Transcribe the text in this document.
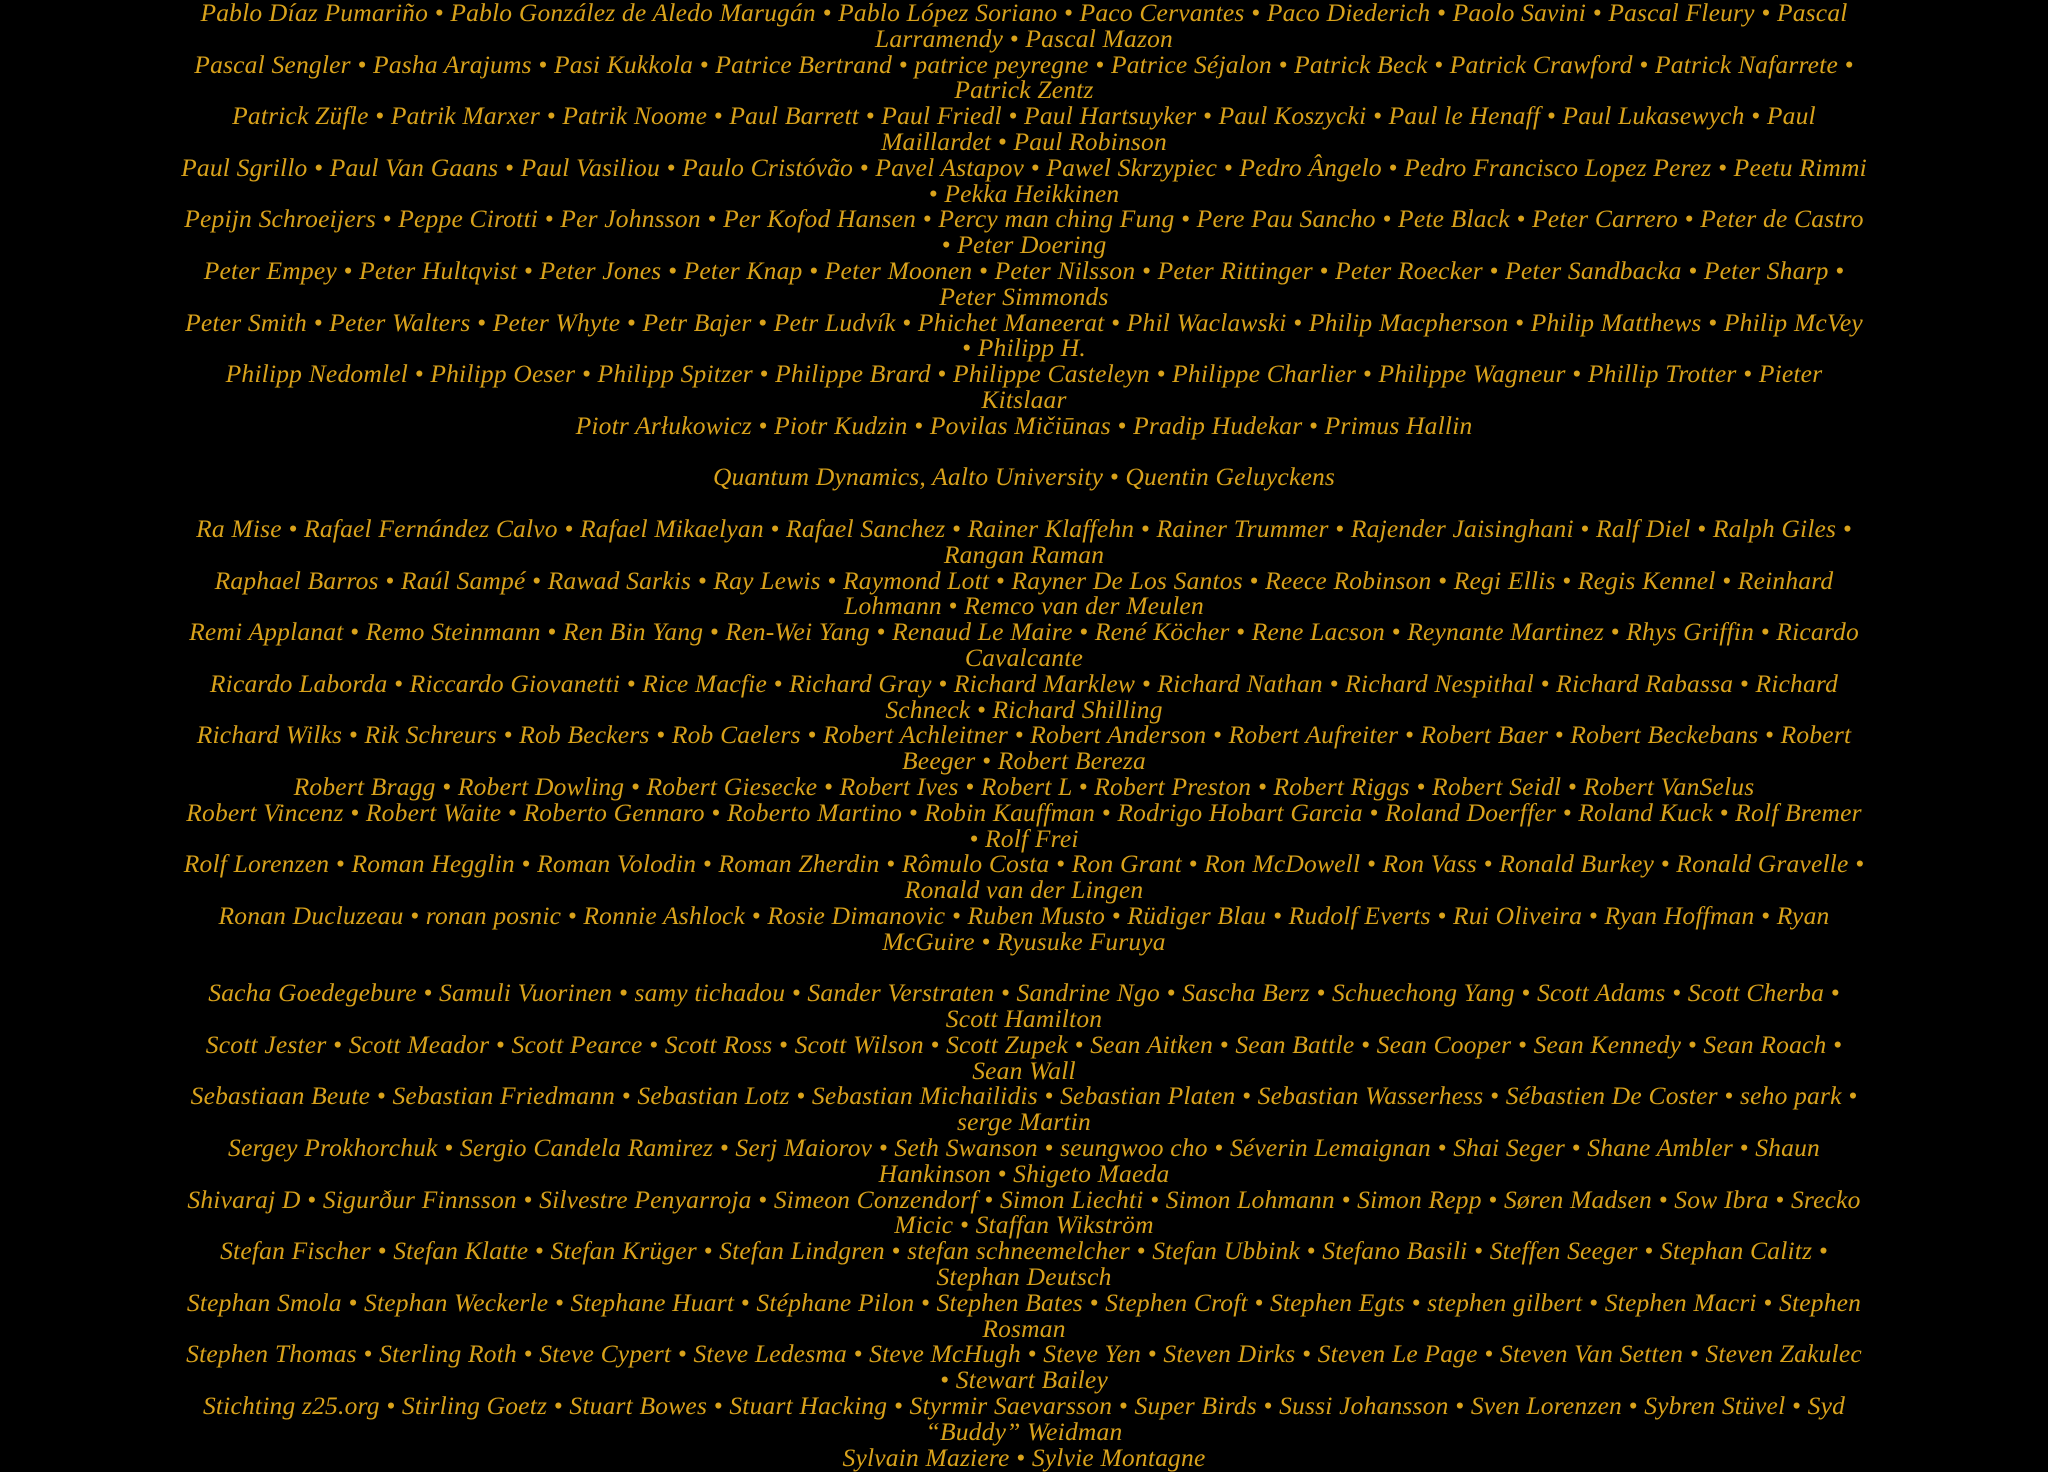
Pablo Díaz Pumariño • Pablo González de Aledo Marugán • Pablo López Soriano • Paco Cervantes • Paco Diederich • Paolo Savini • Pascal Fleury • Pascal Larramendy • Pascal Mazon

Pascal Sengler • Pasha Arajums • Pasi Kukkola • Patrice Bertrand • patrice peyregne • Patrice Séjalon • Patrick Beck • Patrick Crawford • Patrick Nafarrete • Patrick Zentz

Patrick Züfle • Patrik Marxer • Patrik Noome • Paul Barrett • Paul Friedl • Paul Hartsuyker • Paul Koszycki • Paul le Henaff • Paul Lukasewych • Paul Maillardet • Paul Robinson

Paul Sgrillo • Paul Van Gaans • Paul Vasiliou • Paulo Cristóvão • Pavel Astapov • Pawel Skrzypiec • Pedro Ângelo • Pedro Francisco Lopez Perez • Peetu Rimmi • Pekka Heikkinen

Pepijn Schroeijers • Peppe Cirotti • Per Johnsson • Per Kofod Hansen • Percy man ching Fung • Pere Pau Sancho • Pete Black • Peter Carrero • Peter de Castro • Peter Doering

Peter Empey • Peter Hultqvist • Peter Jones • Peter Knap • Peter Moonen • Peter Nilsson • Peter Rittinger • Peter Roecker • Peter Sandbacka • Peter Sharp • Peter Simmonds

Peter Smith • Peter Walters • Peter Whyte • Petr Bajer • Petr Ludvík • Phichet Maneerat • Phil Waclawski • Philip Macpherson • Philip Matthews • Philip McVey • Philipp H.

Philipp Nedomlel • Philipp Oeser • Philipp Spitzer • Philippe Brard • Philippe Casteleyn • Philippe Charlier • Philippe Wagneur • Phillip Trotter • Pieter Kitslaar

Piotr Arłukowicz • Piotr Kudzin • Povilas Mičiūnas • Pradip Hudekar • Primus Hallin

Quantum Dynamics, Aalto University • Quentin Geluyckens

Ra Mise • Rafael Fernández Calvo • Rafael Mikaelyan • Rafael Sanchez • Rainer Klaffehn • Rainer Trummer • Rajender Jaisinghani • Ralf Diel • Ralph Giles • Rangan Raman

Raphael Barros • Raúl Sampé • Rawad Sarkis • Ray Lewis • Raymond Lott • Rayner De Los Santos • Reece Robinson • Regi Ellis • Regis Kennel • Reinhard Lohmann • Remco van der Meulen

Remi Applanat • Remo Steinmann • Ren Bin Yang • Ren-Wei Yang • Renaud Le Maire • René Köcher • Rene Lacson • Reynante Martinez • Rhys Griffin • Ricardo Cavalcante

Ricardo Laborda • Riccardo Giovanetti • Rice Macfie • Richard Gray • Richard Marklew • Richard Nathan • Richard Nespithal • Richard Rabassa • Richard Schneck • Richard Shilling

Richard Wilks • Rik Schreurs • Rob Beckers • Rob Caelers • Robert Achleitner • Robert Anderson • Robert Aufreiter • Robert Baer • Robert Beckebans • Robert Beeger • Robert Bereza

Robert Bragg • Robert Dowling • Robert Giesecke • Robert Ives • Robert L • Robert Preston • Robert Riggs • Robert Seidl • Robert VanSelus

Robert Vincenz • Robert Waite • Roberto Gennaro • Roberto Martino • Robin Kauffman • Rodrigo Hobart Garcia • Roland Doerffer • Roland Kuck • Rolf Bremer • Rolf Frei

Rolf Lorenzen • Roman Hegglin • Roman Volodin • Roman Zherdin • Rômulo Costa • Ron Grant • Ron McDowell • Ron Vass • Ronald Burkey • Ronald Gravelle • Ronald van der Lingen

Ronan Ducluzeau • ronan posnic • Ronnie Ashlock • Rosie Dimanovic • Ruben Musto • Rüdiger Blau • Rudolf Everts • Rui Oliveira • Ryan Hoffman • Ryan McGuire • Ryusuke Furuya

Sacha Goedegebure • Samuli Vuorinen • samy tichadou • Sander Verstraten • Sandrine Ngo • Sascha Berz • Schuechong Yang • Scott Adams • Scott Cherba • Scott Hamilton

Scott Jester • Scott Meador • Scott Pearce • Scott Ross • Scott Wilson • Scott Zupek • Sean Aitken • Sean Battle • Sean Cooper • Sean Kennedy • Sean Roach • Sean Wall

Sebastiaan Beute • Sebastian Friedmann • Sebastian Lotz • Sebastian Michailidis • Sebastian Platen • Sebastian Wasserhess • Sébastien De Coster • seho park • serge Martin

Sergey Prokhorchuk • Sergio Candela Ramirez • Serj Maiorov • Seth Swanson • seungwoo cho • Séverin Lemaignan • Shai Seger • Shane Ambler • Shaun Hankinson • Shigeto Maeda

Shivaraj D • Sigurður Finnsson • Silvestre Penyarroja • Simeon Conzendorf • Simon Liechti • Simon Lohmann • Simon Repp • Søren Madsen • Sow Ibra • Srecko Micic • Staffan Wikström

Stefan Fischer • Stefan Klatte • Stefan Krüger • Stefan Lindgren • stefan schneemelcher • Stefan Ubbink • Stefano Basili • Steffen Seeger • Stephan Calitz • Stephan Deutsch

Stephan Smola • Stephan Weckerle • Stephane Huart • Stéphane Pilon • Stephen Bates • Stephen Croft • Stephen Egts • stephen gilbert • Stephen Macri • Stephen Rosman

Stephen Thomas • Sterling Roth • Steve Cypert • Steve Ledesma • Steve McHugh • Steve Yen • Steven Dirks • Steven Le Page • Steven Van Setten • Steven Zakulec • Stewart Bailey

Stichting z25.org • Stirling Goetz • Stuart Bowes • Stuart Hacking • Styrmir Saevarsson • Super Birds • Sussi Johansson • Sven Lorenzen • Sybren Stüvel • Syd “Buddy” Weidman

Sylvain Maziere • Sylvie Montagne
